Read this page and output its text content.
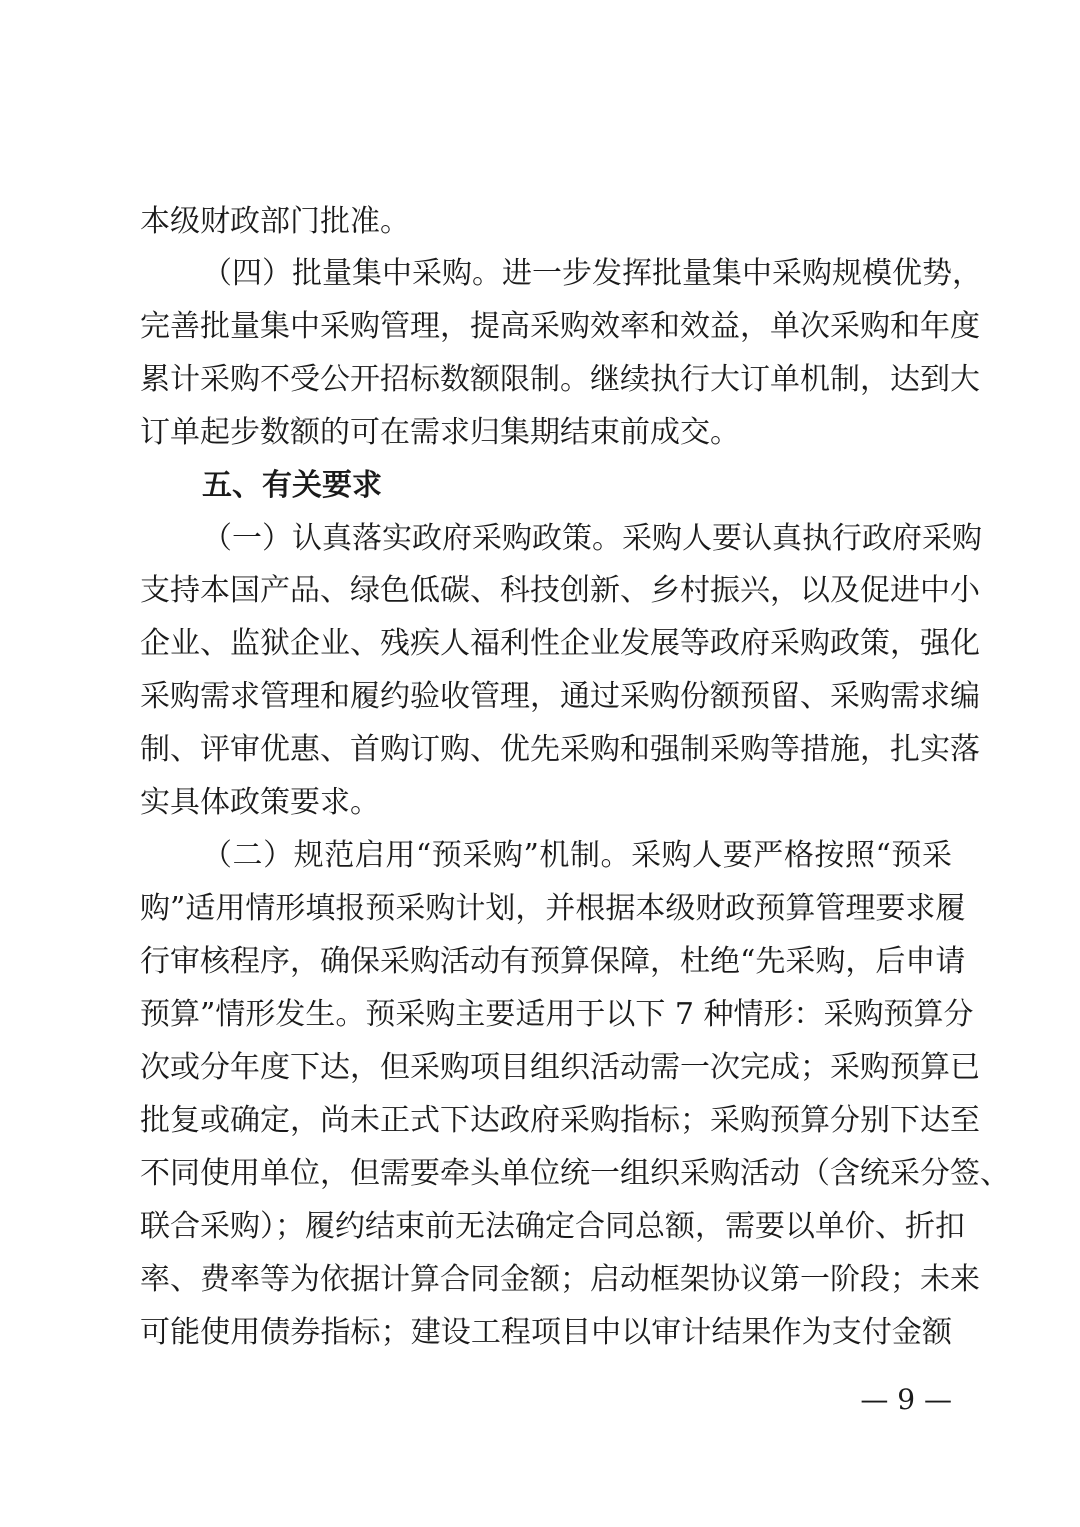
本级财政部门批准。
（四）批量集中采购。进一步发挥批量集中采购规模优势，
完善批量集中采购管理，提高采购效率和效益，单次采购和年度
累计采购不受公开招标数额限制。继续执行大订单机制，达到大
订单起步数额的可在需求归集期结束前成交。
五、有关要求
（一）认真落实政府采购政策。采购人要认真执行政府采购
支持本国产品、绿色低碳、科技创新、乡村振兴，以及促进中小
企业、监狱企业、残疾人福利性企业发展等政府采购政策，强化
采购需求管理和履约验收管理，通过采购份额预留、采购需求编
制、评审优惠、首购订购、优先采购和强制采购等措施，扎实落
实具体政策要求。
（二）规范启用“预采购”机制。采购人要严格按照“预采
购”适用情形填报预采购计划，并根据本级财政预算管理要求履
行审核程序，确保采购活动有预算保障，杜绝“先采购，后申请
预算”情形发生。预采购主要适用于以下 7 种情形：采购预算分
次或分年度下达，但采购项目组织活动需一次完成；采购预算已
批复或确定，尚未正式下达政府采购指标；采购预算分别下达至
不同使用单位，但需要牵头单位统一组织采购活动（含统采分签、
联合采购）；履约结束前无法确定合同总额，需要以单价、折扣
率、费率等为依据计算合同金额；启动框架协议第一阶段；未来
可能使用债券指标；建设工程项目中以审计结果作为支付金额
— 9 —
